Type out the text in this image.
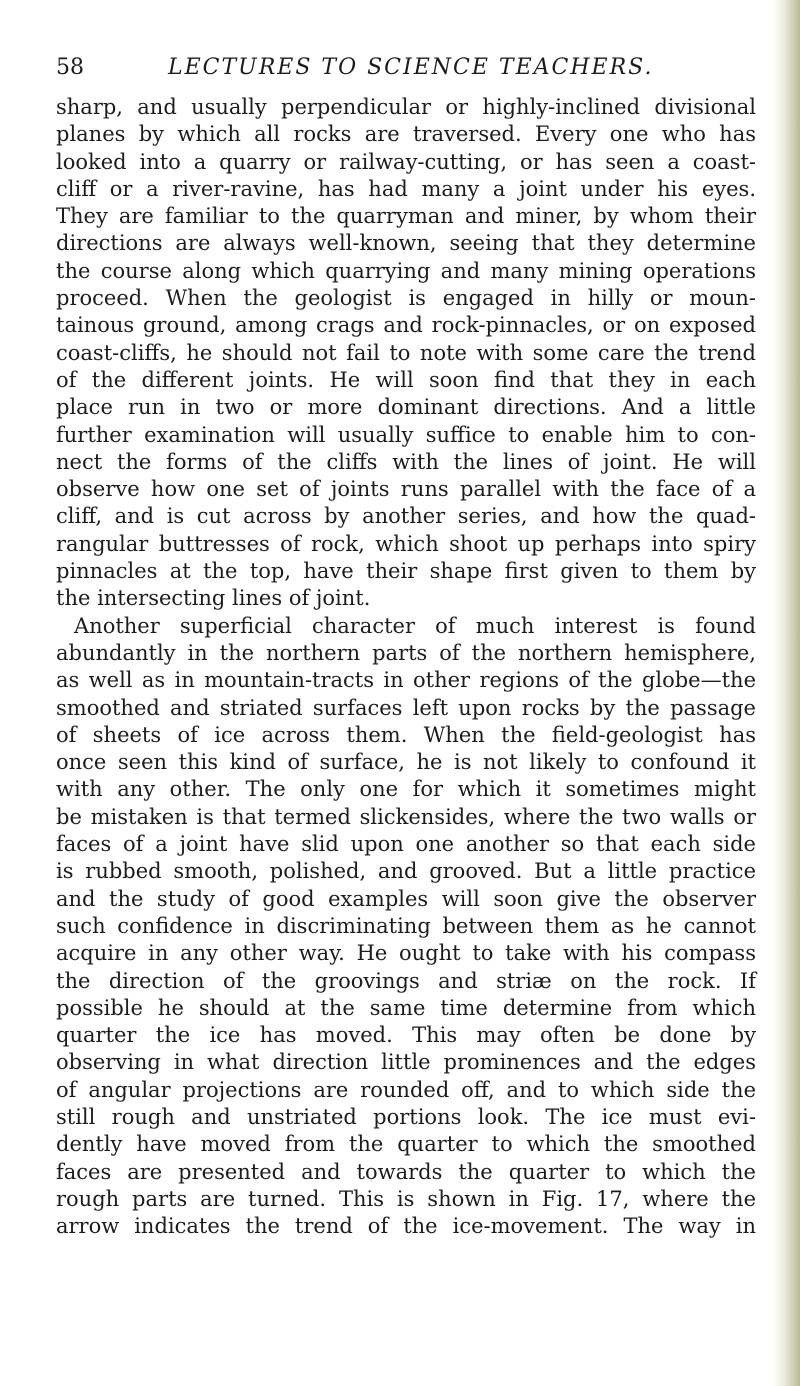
58	LECTURES TO SCIENCE TEACHERS.
sharp, and usually perpendicular or highly-inclined divisional
planes by which all rocks are traversed. Every one who has
looked into a quarry or railway-cutting, or has seen a coast-
cliff or a river-ravine, has had many a joint under his eyes.
They are familiar to the quarryman and miner, by whom their
directions are always well-known, seeing that they determine
the course along which quarrying and many mining operations
proceed. When the geologist is engaged in hilly or moun-
tainous ground, among crags and rock-pinnacles, or on exposed
coast-cliffs, he should not fail to note with some care the trend
of the different joints. He will soon find that they in each
place run in two or more dominant directions. And a little
further examination will usually suffice to enable him to con-
nect the forms of the cliffs with the lines of joint. He will
observe how one set of joints runs parallel with the face of a
cliff, and is cut across by another series, and how the quad-
rangular buttresses of rock, which shoot up perhaps into spiry
pinnacles at the top, have their shape first given to them by
the intersecting lines of joint.
Another superficial character of much interest is found
abundantly in the northern parts of the northern hemisphere,
as well as in mountain-tracts in other regions of the globe—the
smoothed and striated surfaces left upon rocks by the passage
of sheets of ice across them. When the field-geologist has
once seen this kind of surface, he is not likely to confound it
with any other. The only one for which it sometimes might
be mistaken is that termed slickensides, where the two walls or
faces of a joint have slid upon one another so that each side
is rubbed smooth, polished, and grooved. But a little practice
and the study of good examples will soon give the observer
such confidence in discriminating between them as he cannot
acquire in any other way. He ought to take with his compass
the direction of the groovings and striæ on the rock. If
possible he should at the same time determine from which
quarter the ice has moved. This may often be done by
observing in what direction little prominences and the edges
of angular projections are rounded off, and to which side the
still rough and unstriated portions look. The ice must evi-
dently have moved from the quarter to which the smoothed
faces are presented and towards the quarter to which the
rough parts are turned. This is shown in Fig. 17, where the
arrow indicates the trend of the ice-movement. The way in
